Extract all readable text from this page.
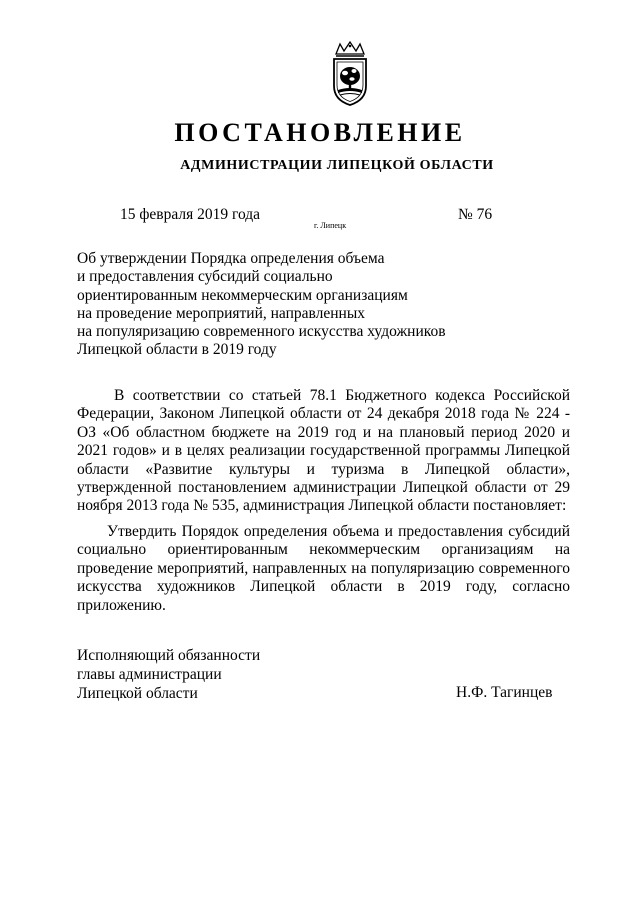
ПОСТАНОВЛЕНИЕ
АДМИНИСТРАЦИИ ЛИПЕЦКОЙ ОБЛАСТИ
15 февраля 2019 года
г. Липецк
№ 76
Об утверждении Порядка определения объема
и предоставления субсидий социально
ориентированным некоммерческим организациям
на проведение мероприятий, направленных
на популяризацию современного искусства художников
Липецкой области в 2019 году
В соответствии со статьей 78.1 Бюджетного кодекса Российской Федерации, Законом Липецкой области от 24 декабря 2018 года № 224 - ОЗ «Об областном бюджете на 2019 год и на плановый период 2020 и 2021 годов» и в целях реализации государственной программы Липецкой области «Развитие культуры и туризма в Липецкой области», утвержденной постановлением администрации Липецкой области от 29 ноября 2013 года № 535, администрация Липецкой области постановляет:
Утвердить Порядок определения объема и предоставления субсидий социально ориентированным некоммерческим организациям на проведение мероприятий, направленных на популяризацию современного искусства художников Липецкой области в 2019 году, согласно приложению.
Исполняющий обязанности
главы администрации
Липецкой области	Н.Ф. Тагинцев
